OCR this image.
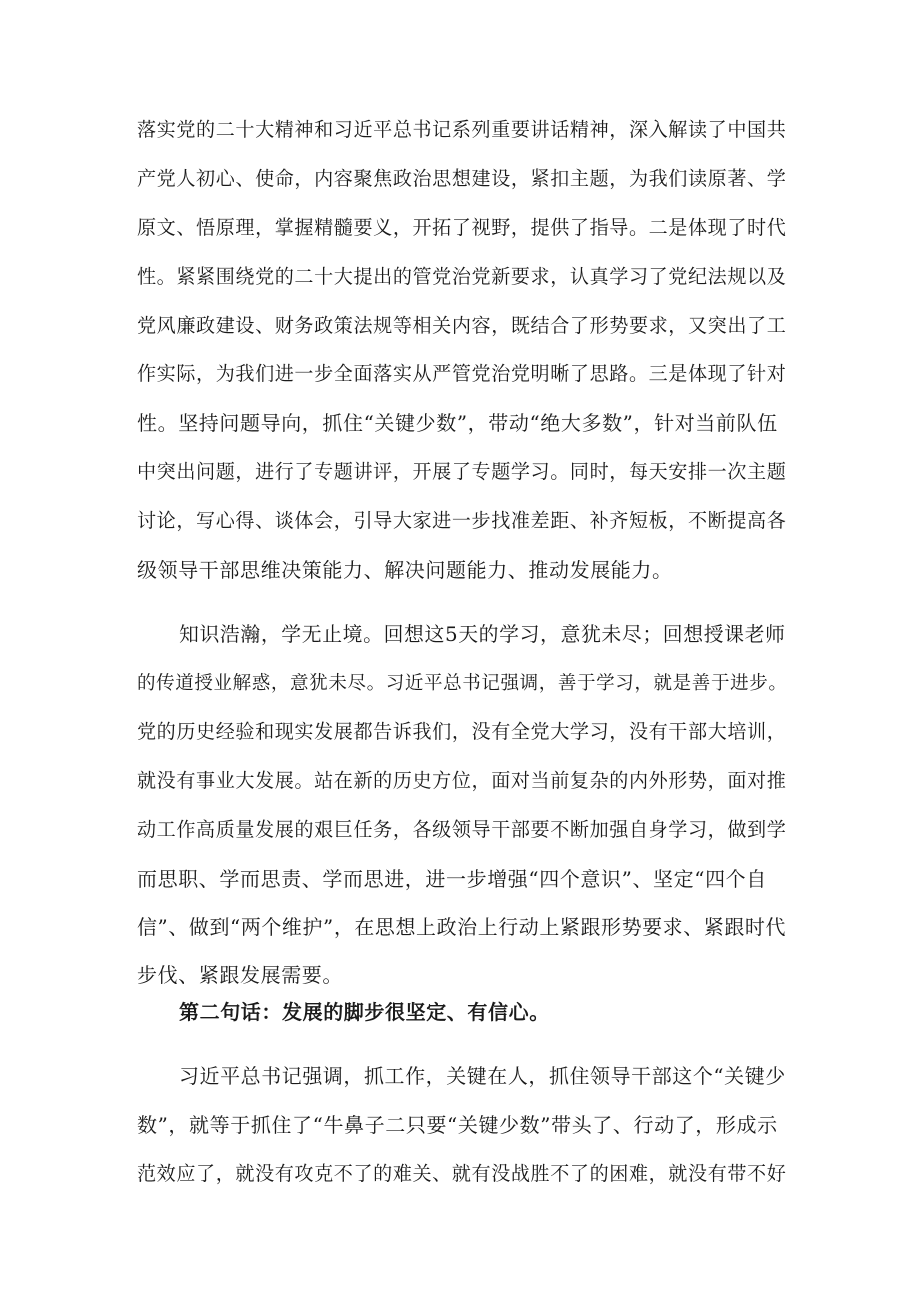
落实党的二十大精神和习近平总书记系列重要讲话精神，深入解读了中国共
产党人初心、使命，内容聚焦政治思想建设，紧扣主题，为我们读原著、学
原文、悟原理，掌握精髓要义，开拓了视野，提供了指导。二是体现了时代
性。紧紧围绕党的二十大提出的管党治党新要求，认真学习了党纪法规以及
党风廉政建设、财务政策法规等相关内容，既结合了形势要求，又突出了工
作实际，为我们进一步全面落实从严管党治党明晰了思路。三是体现了针对
性。坚持问题导向，抓住“关键少数”，带动“绝大多数”，针对当前队伍
中突出问题，进行了专题讲评，开展了专题学习。同时，每天安排一次主题
讨论，写心得、谈体会，引导大家进一步找准差距、补齐短板，不断提高各
级领导干部思维决策能力、解决问题能力、推动发展能力。
知识浩瀚，学无止境。回想这5天的学习，意犹未尽；回想授课老师
的传道授业解惑，意犹未尽。习近平总书记强调，善于学习，就是善于进步。
党的历史经验和现实发展都告诉我们，没有全党大学习，没有干部大培训，
就没有事业大发展。站在新的历史方位，面对当前复杂的内外形势，面对推
动工作高质量发展的艰巨任务，各级领导干部要不断加强自身学习，做到学
而思职、学而思责、学而思进，进一步增强“四个意识”、坚定“四个自
信”、做到“两个维护”，在思想上政治上行动上紧跟形势要求、紧跟时代
步伐、紧跟发展需要。
第二句话：发展的脚步很坚定、有信心。
习近平总书记强调，抓工作，关键在人，抓住领导干部这个“关键少
数”，就等于抓住了“牛鼻子二只要“关键少数”带头了、行动了，形成示
范效应了，就没有攻克不了的难关、就有没战胜不了的困难，就没有带不好
